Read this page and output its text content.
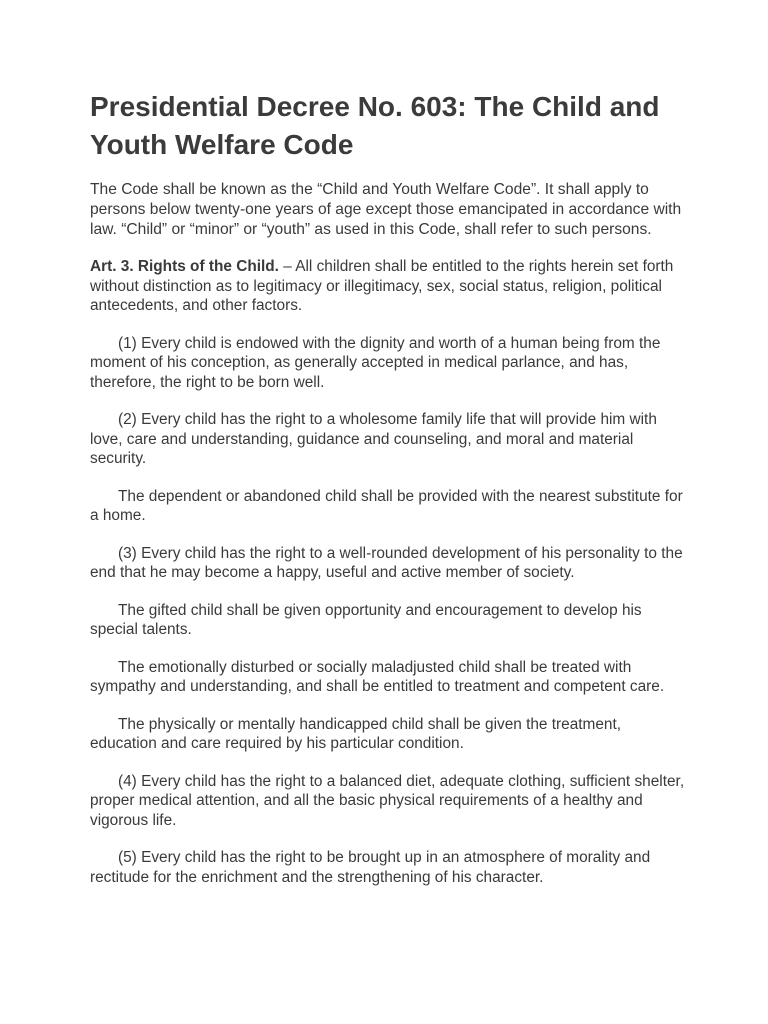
Presidential Decree No. 603: The Child and Youth Welfare Code

The Code shall be known as the “Child and Youth Welfare Code”. It shall apply to persons below twenty-one years of age except those emancipated in accordance with law. “Child” or “minor” or “youth” as used in this Code, shall refer to such persons.

Art. 3. Rights of the Child. – All children shall be entitled to the rights herein set forth without distinction as to legitimacy or illegitimacy, sex, social status, religion, political antecedents, and other factors.

(1) Every child is endowed with the dignity and worth of a human being from the moment of his conception, as generally accepted in medical parlance, and has, therefore, the right to be born well.

(2) Every child has the right to a wholesome family life that will provide him with love, care and understanding, guidance and counseling, and moral and material security.

The dependent or abandoned child shall be provided with the nearest substitute for a home.

(3) Every child has the right to a well-rounded development of his personality to the end that he may become a happy, useful and active member of society.

The gifted child shall be given opportunity and encouragement to develop his special talents.

The emotionally disturbed or socially maladjusted child shall be treated with sympathy and understanding, and shall be entitled to treatment and competent care.

The physically or mentally handicapped child shall be given the treatment, education and care required by his particular condition.

(4) Every child has the right to a balanced diet, adequate clothing, sufficient shelter, proper medical attention, and all the basic physical requirements of a healthy and vigorous life.

(5) Every child has the right to be brought up in an atmosphere of morality and rectitude for the enrichment and the strengthening of his character.
